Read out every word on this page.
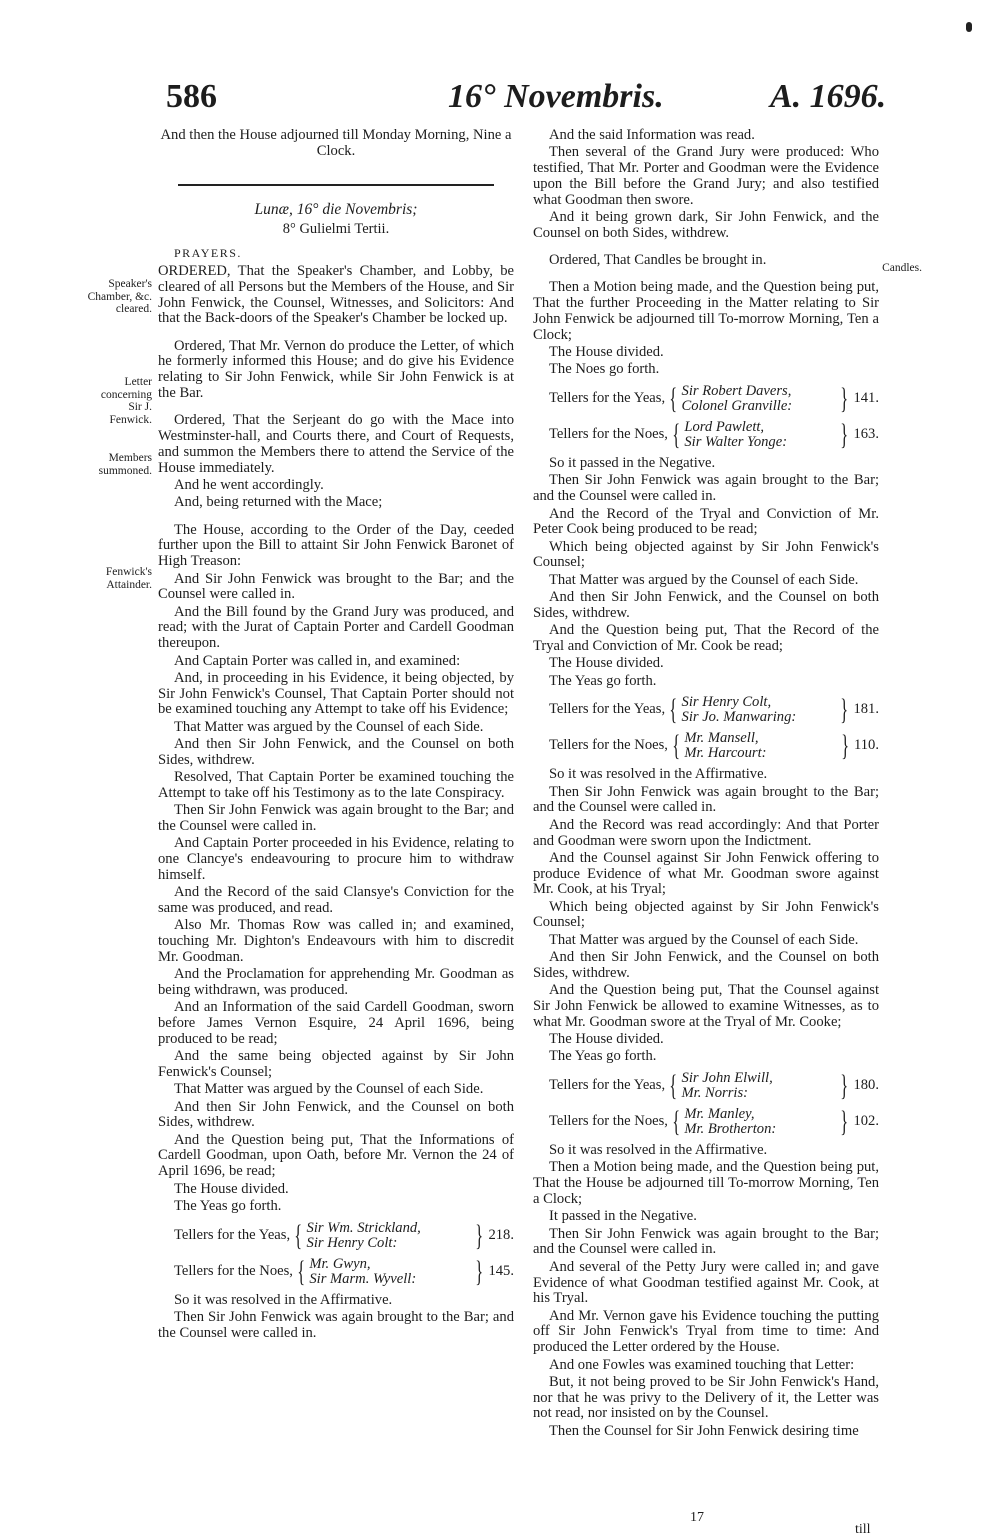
586	16° Novembris.	A. 1696.
Speaker's Chamber, &c. cleared.
Letter concerning Sir J. Fenwick.
Members summoned.
Fenwick's Attainder.
Candles.
And then the House adjourned till Monday Morning, Nine a Clock.
Lunæ, 16° die Novembris;
8° Gulielmi Tertii.
PRAYERS.
ORDERED, That the Speaker's Chamber, and Lobby, be cleared of all Persons but the Members of the House, and Sir John Fenwick, the Counsel, Witnesses, and Solicitors: And that the Back-doors of the Speaker's Chamber be locked up.
Ordered, That Mr. Vernon do produce the Letter, of which he formerly informed this House; and do give his Evidence relating to Sir John Fenwick, while Sir John Fenwick is at the Bar.
Ordered, That the Serjeant do go with the Mace into Westminster-hall, and Courts there, and Court of Requests, and summon the Members there to attend the Service of the House immediately.
And he went accordingly.
And, being returned with the Mace;
The House, according to the Order of the Day, ceeded further upon the Bill to attaint Sir John Fenwick Baronet of High Treason:
And Sir John Fenwick was brought to the Bar; and the Counsel were called in.
And the Bill found by the Grand Jury was produced, and read; with the Jurat of Captain Porter and Cardell Goodman thereupon.
And Captain Porter was called in, and examined:
And, in proceeding in his Evidence, it being objected, by Sir John Fenwick's Counsel, That Captain Porter should not be examined touching any Attempt to take off his Evidence;
That Matter was argued by the Counsel of each Side.
And then Sir John Fenwick, and the Counsel on both Sides, withdrew.
Resolved, That Captain Porter be examined touching the Attempt to take off his Testimony as to the late Conspiracy.
Then Sir John Fenwick was again brought to the Bar; and the Counsel were called in.
And Captain Porter proceeded in his Evidence, relating to one Clancye's endeavouring to procure him to withdraw himself.
And the Record of the said Clansye's Conviction for the same was produced, and read.
Also Mr. Thomas Row was called in; and examined, touching Mr. Dighton's Endeavours with him to discredit Mr. Goodman.
And the Proclamation for apprehending Mr. Goodman as being withdrawn, was produced.
And an Information of the said Cardell Goodman, sworn before James Vernon Esquire, 24 April 1696, being produced to be read;
And the same being objected against by Sir John Fenwick's Counsel;
That Matter was argued by the Counsel of each Side.
And then Sir John Fenwick, and the Counsel on both Sides, withdrew.
And the Question being put, That the Informations of Cardell Goodman, upon Oath, before Mr. Vernon the 24 of April 1696, be read;
The House divided.
The Yeas go forth.
Tellers for the Yeas, { Sir Wm. Strickland,
Sir Henry Colt:	} 218.
Tellers for the Noes, { Mr. Gwyn,
Sir Marm. Wyvell:	} 145.
So it was resolved in the Affirmative.
Then Sir John Fenwick was again brought to the Bar; and the Counsel were called in.
And the said Information was read.
Then several of the Grand Jury were produced: Who testified, That Mr. Porter and Goodman were the Evidence upon the Bill before the Grand Jury; and also testified what Goodman then swore.
And it being grown dark, Sir John Fenwick, and the Counsel on both Sides, withdrew.
Ordered, That Candles be brought in.
Then a Motion being made, and the Question being put, That the further Proceeding in the Matter relating to Sir John Fenwick be adjourned till To-morrow Morning, Ten a Clock;
The House divided.
The Noes go forth.
Tellers for the Yeas, { Sir Robert Davers,
Colonel Granville:	} 141.
Tellers for the Noes, { Lord Pawlett,
Sir Walter Yonge:	} 163.
So it passed in the Negative.
Then Sir John Fenwick was again brought to the Bar; and the Counsel were called in.
And the Record of the Tryal and Conviction of Mr. Peter Cook being produced to be read;
Which being objected against by Sir John Fenwick's Counsel;
That Matter was argued by the Counsel of each Side.
And then Sir John Fenwick, and the Counsel on both Sides, withdrew.
And the Question being put, That the Record of the Tryal and Conviction of Mr. Cook be read;
The House divided.
The Yeas go forth.
Tellers for the Yeas, { Sir Henry Colt,
Sir Jo. Manwaring:	} 181.
Tellers for the Noes, { Mr. Mansell,
Mr. Harcourt:	} 110.
So it was resolved in the Affirmative.
Then Sir John Fenwick was again brought to the Bar; and the Counsel were called in.
And the Record was read accordingly: And that Porter and Goodman were sworn upon the Indictment.
And the Counsel against Sir John Fenwick offering to produce Evidence of what Mr. Goodman swore against Mr. Cook, at his Tryal;
Which being objected against by Sir John Fenwick's Counsel;
That Matter was argued by the Counsel of each Side.
And then Sir John Fenwick, and the Counsel on both Sides, withdrew.
And the Question being put, That the Counsel against Sir John Fenwick be allowed to examine Witnesses, as to what Mr. Goodman swore at the Tryal of Mr. Cooke;
The House divided.
The Yeas go forth.
Tellers for the Yeas, { Sir John Elwill,
Mr. Norris:	} 180.
Tellers for the Noes, { Mr. Manley,
Mr. Brotherton:	} 102.
So it was resolved in the Affirmative.
Then a Motion being made, and the Question being put, That the House be adjourned till To-morrow Morning, Ten a Clock;
It passed in the Negative.
Then Sir John Fenwick was again brought to the Bar; and the Counsel were called in.
And several of the Petty Jury were called in; and gave Evidence of what Goodman testified against Mr. Cook, at his Tryal.
And Mr. Vernon gave his Evidence touching the putting off Sir John Fenwick's Tryal from time to time: And produced the Letter ordered by the House.
And one Fowles was examined touching that Letter:
But, it not being proved to be Sir John Fenwick's Hand, nor that he was privy to the Delivery of it, the Letter was not read, nor insisted on by the Counsel.
Then the Counsel for Sir John Fenwick desiring time
17
till
